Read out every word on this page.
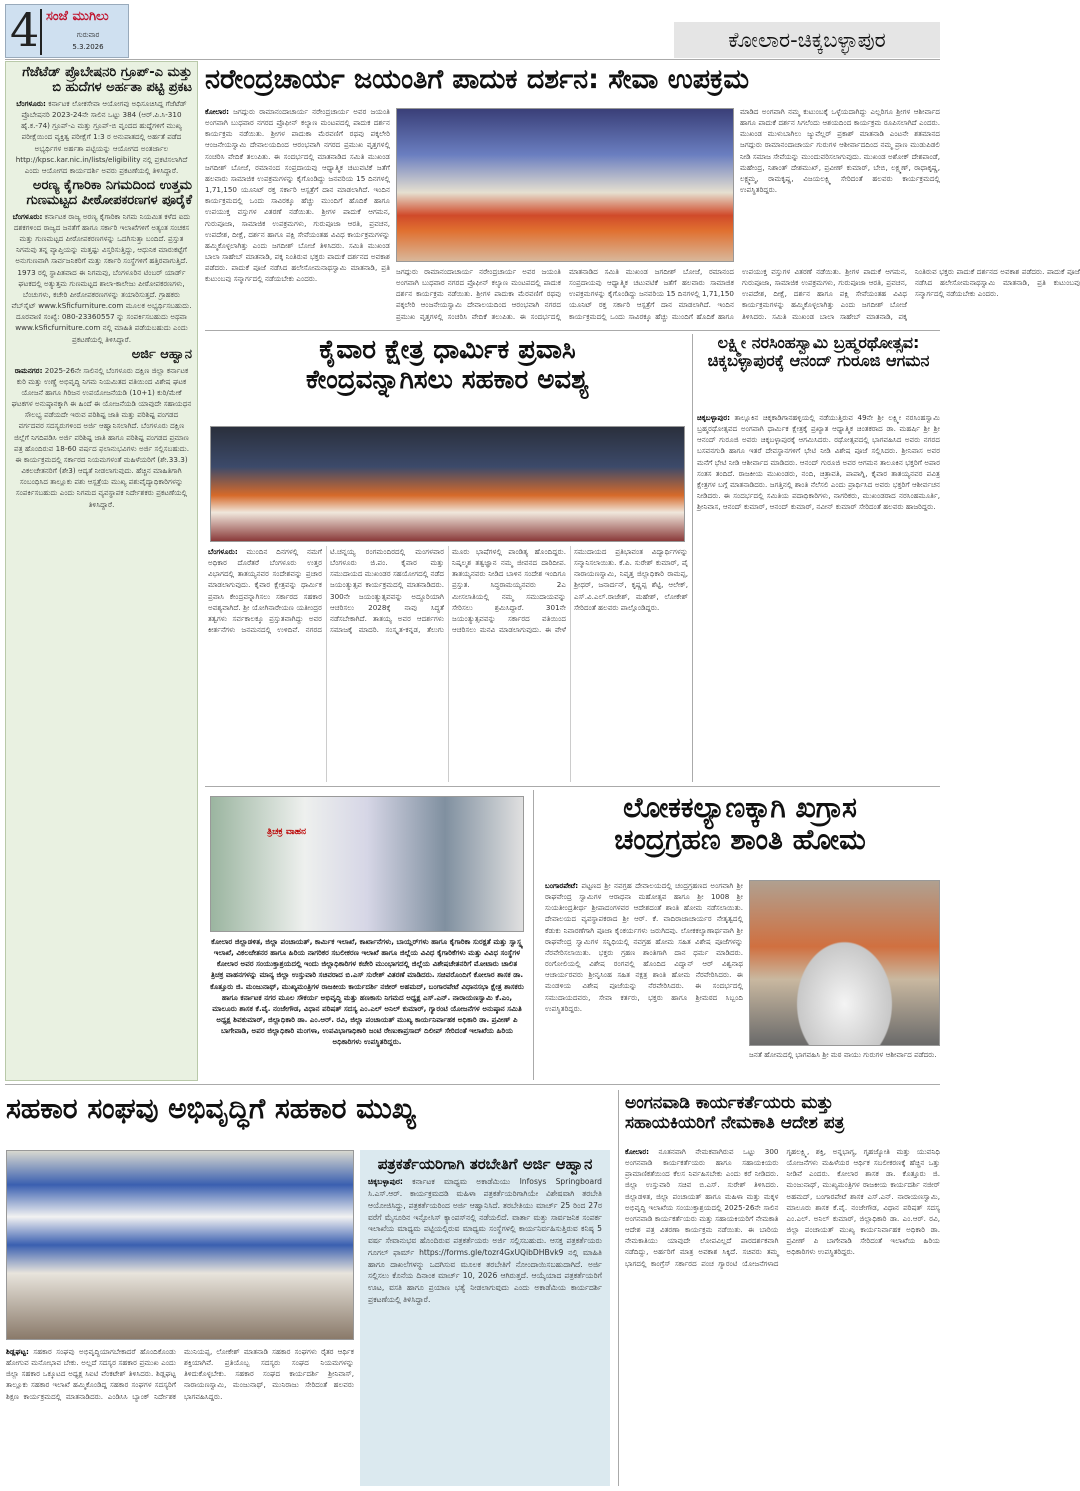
4 ಸಂಜೆ ಮುಗಿಲು
ಗುರುವಾರ
5.3.2026	ಕೋಲಾರ-ಚಿಕ್ಕಬಳ್ಳಾಪುರ
ಗೆಜೆಟೆಡ್ ಪ್ರೊಬೇಷನರಿ ಗ್ರೂಪ್-ಎ ಮತ್ತು ಬಿ ಹುದೆಗಳ ಅರ್ಹತಾ ಪಟ್ಟಿ ಪ್ರಕಟ
ಬೆಂಗಳೂರು: ಕರ್ನಾಟಕ ಲೋಕಸೇವಾ ಆಯೋಗವು ಅಧಿಸೂಚಿಸಿದ್ದ ಗೆಜೆಟೆಡ್ ಪ್ರೊಬೇಷನರಿ 2023-24ನೇ ಸಾಲಿನ ಒಟ್ಟು 384 (ಆರ್.ಪಿ.ಸಿ-310 ಹೈ.ಕ.-74) ಗ್ರೂಪ್-ಎ ಮತ್ತು ಗ್ರೂಪ್-ಬಿ ವೃಂದದ ಹುದ್ದೆಗಳಿಗೆ ಮುಖ್ಯ ಪರೀಕ್ಷೆಯಿಂದ ವ್ಯಕ್ತಿತ್ವ ಪರೀಕ್ಷೆಗೆ 1:3 ರ ಅನುಪಾತದಲ್ಲಿ ಅರ್ಹತೆ ಪಡೆದ ಅಭ್ಯರ್ಥಿಗಳ ಅರ್ಹತಾ ಪಟ್ಟಿಯನ್ನು ಆಯೋಗದ ಅಂತರ್ಜಾಲ http://kpsc.kar.nic.in/lists/eligibility ನಲ್ಲಿ ಪ್ರಕಟಿಸಲಾಗಿದೆ ಎಂದು ಆಯೋಗದ ಕಾರ್ಯದರ್ಶಿ ಅವರು ಪ್ರಕಟಣೆಯಲ್ಲಿ ತಿಳಿಸಿದ್ದಾರೆ.
ಅರಣ್ಯ ಕೈಗಾರಿಕಾ ನಿಗಮದಿಂದ ಉತ್ತಮ ಗುಣಮಟ್ಟದ ಪೀಠೋಪಕರಣಗಳ ಪೂರೈಕೆ
ಬೆಂಗಳೂರು: ಕರ್ನಾಟಕ ರಾಜ್ಯ ಅರಣ್ಯ ಕೈಗಾರಿಕಾ ನಿಗಮ ನಿಯಮಿತ ಕಳೆದ ಐದು ದಶಕಗಳಿಂದ ರಾಜ್ಯದ ಜನತೆಗೆ ಹಾಗೂ ಸರ್ಕಾರಿ ಇಲಾಖೆಗಳಿಗೆ ಅತ್ಯಂತ ಸಂಚಕಸ ಮತ್ತು ಗುಣಮಟ್ಟದ ಪೀಠೋಪಕರಣಗಳನ್ನು ಒದಗಿಸುತ್ತಾ ಬಂದಿದೆ. ಪ್ರಸ್ತುತ ನಿಗಮವು ತನ್ನ ವ್ಯಾಪ್ತಿಯನ್ನು ಮತ್ತಷ್ಟು ವಿಸ್ತರಿಸುತ್ತಿದ್ದು, ಆಧುನಿಕ ಮಾರುಕಟ್ಟೆಗೆ ಅನುಗುಣವಾಗಿ ಸಾರ್ವಜನಿಕರಿಗೆ ಮತ್ತು ಸರ್ಕಾರಿ ಸಂಸ್ಥೆಗಳಿಗೆ ಹತ್ತಿರವಾಗುತ್ತಿದೆ. 1973 ರಲ್ಲಿ ಸ್ಥಾಪಿತವಾದ ಈ ನಿಗಮವು, ಬೆಂಗಳೂರಿನ ಟಿಂಬರ್ ಯಾರ್ಡ್ ಘಟಕದಲ್ಲಿ ಅತ್ಯುತ್ತಮ ಗುಣಮಟ್ಟದ ಶಾಲಾ-ಕಾಲೇಜು ಪೀಠೋಪಕರಣಗಳು, ಬೆಂಚುಗಳು, ಕಚೇರಿ ಪೀಠೋಪಕರಣಗಳನ್ನು ತಯಾರಿಸುತ್ತದೆ. ಗ್ರಾಹಕರು ವೆಬ್‌ಸೈಟ್ www.kSficfurniture.com ಮೂಲಕ ಅಭ್ಯರ್ಥಿಸಬಹುದು. ದೂರವಾಣಿ ಸಂಖ್ಯೆ: 080-23360557 ನ್ನು ಸಂಪರ್ಕಿಸಬಹುದು ಅಥವಾ www.kSficfurniture.com ನಲ್ಲಿ ಮಾಹಿತಿ ಪಡೆಯಬಹುದು ಎಂದು ಪ್ರಕಟಣೆಯಲ್ಲಿ ತಿಳಿಸಿದ್ದಾರೆ.
ಅರ್ಜಿ ಆಹ್ವಾನ
ರಾಮನಗರ: 2025-26ನೇ ಸಾಲಿನಲ್ಲಿ ಬೆಂಗಳೂರು ದಕ್ಷಿಣ ಜಿಲ್ಲಾ ಕರ್ನಾಟಕ ಕುರಿ ಮತ್ತು ಉಣ್ಣೆ ಅಭಿವೃದ್ಧಿ ನಿಗಮ ನಿಯಮಿತದ ವತಿಯಿಂದ ವಿಶೇಷ ಘಟಕ ಯೋಜನೆ ಹಾಗೂ ಗಿರಿಜನ ಉಪಯೋಜನೆಯಡಿ (10+1) ಕುರಿ/ಮೇಕೆ ಘಟಕಗಳ ಅನುಷ್ಠಾನಕ್ಕಾಗಿ ಈ ಹಿಂದೆ ಈ ಯೋಜನೆಯಡಿ ಯಾವುದೇ ಸಹಾಯಧನ ಸೌಲಭ್ಯ ಪಡೆಯದೇ ಇರುವ ಪರಿಶಿಷ್ಟ ಜಾತಿ ಮತ್ತು ಪರಿಶಿಷ್ಟ ಪಂಗಡದ ವರ್ಗದವರ ಸದಸ್ಯರುಗಳಿಂದ ಅರ್ಜಿ ಆಹ್ವಾನಿಸಲಾಗಿದೆ. ಬೆಂಗಳೂರು ದಕ್ಷಿಣ ಜಿಲ್ಲೆಗೆ ನಿಗದಿಪಡಿಸಿ ಅರ್ಜಿ ಪರಿಶಿಷ್ಟ ಜಾತಿ ಹಾಗೂ ಪರಿಶಿಷ್ಟ ಪಂಗಡದ ಪ್ರಮಾಣ ಪತ್ರ ಹೊಂದಿರುವ 18-60 ವರ್ಷದ ಫಲಾನುಭವಿಗಳು ಅರ್ಜಿ ಸಲ್ಲಿಸಬಹುದು. ಈ ಕಾರ್ಯಕ್ರಮದಲ್ಲಿ ಸರ್ಕಾರದ ನಿಯಮಗಳಂತೆ ಮಹಿಳೆಯರಿಗೆ (ಶೇ.33.3) ವಿಕಲಚೇತನರಿಗೆ (ಶೇ3) ಆದ್ಯತೆ ನೀಡಲಾಗುವುದು. ಹೆಚ್ಚಿನ ಮಾಹಿತಿಗಾಗಿ ಸಂಬಂಧಿಸಿದ ತಾಲ್ಲೂಕು ಪಶು ಆಸ್ಪತ್ರೆಯ ಮುಖ್ಯ ಪಶುವೈದ್ಯಾಧಿಕಾರಿಗಳನ್ನು ಸಂಪರ್ಕಿಸಬಹುದು ಎಂದು ನಿಗಮದ ವ್ಯವಸ್ಥಾಪಕ ನಿರ್ದೇಶಕರು ಪ್ರಕಟಣೆಯಲ್ಲಿ ತಿಳಿಸಿದ್ದಾರೆ.
ನರೇಂದ್ರಚಾರ್ಯ ಜಯಂತಿಗೆ ಪಾದುಕ ದರ್ಶನ: ಸೇವಾ ಉಪಕ್ರಮ
ಕೋಲಾರ: ಜಗದ್ಗುರು ರಾಮಾನಂದಾಚಾರ್ಯ ನರೇಂದ್ರಚಾರ್ಯ ಅವರ ಜಯಂತಿ ಅಂಗವಾಗಿ ಬುಧವಾರ ನಗರದ ಪ್ರೊಫೀನ್ ಕಲ್ಯಾಣ ಮಂಟಪದಲ್ಲಿ ಪಾದುಕ ದರ್ಶನ ಕಾರ್ಯಕ್ರಮ ನಡೆಯಿತು. ಶ್ರೀಗಳ ಪಾದುಕಾ ಮೆರವಣಿಗೆ ರಥವು ಪಕ್ಕಲೇರಿ ಆಂಜನೇಯಸ್ವಾಮಿ ದೇವಾಲಯದಿಂದ ಆರಂಭವಾಗಿ ನಗರದ ಪ್ರಮುಖ ವೃತ್ತಗಳಲ್ಲಿ ಸಂಚರಿಸಿ ವೇದಿಕೆ ತಲುಪಿತು. ಈ ಸಂದರ್ಭದಲ್ಲಿ ಮಾತನಾಡಿದ ಸಮಿತಿ ಮುಖಂಡ ಜಗದೀಶ್ ಬೋಜೆ, ರಮಾನಂದ ಸಂಪ್ರದಾಯವು ಆಧ್ಯಾತ್ಮಿಕ ಚಟುವಟಿಕೆ ಜತೆಗೆ ಹಲವಾರು ಸಾಮಾಜಿಕ ಉಪಕ್ರಮಗಳನ್ನು ಕೈಗೊಂಡಿದ್ದು ಜನವರಿಯ 15 ದಿನಗಳಲ್ಲಿ 1,71,150 ಯೂನಿಟ್ ರಕ್ತ ಸರ್ಕಾರಿ ಆಸ್ಪತ್ರೆಗೆ ದಾನ ಮಾಡಲಾಗಿದೆ. ಇಂದಿನ ಕಾರ್ಯಕ್ರಮದಲ್ಲಿ ಒಂದು ಸಾವಿರಕ್ಕೂ ಹೆಚ್ಚು ಮುಂದಿಗೆ ಹೊದಿಕೆ ಹಾಗೂ ಉಪಯುಕ್ತ ವಸ್ತುಗಳ ವಿತರಣೆ ನಡೆಯಿತು. ಶ್ರೀಗಳ ಪಾದುಕೆ ಆಗಮನ, ಗುರುಪೂಜಾ, ಸಾಮಾಜಿಕ ಉಪಕ್ರಮಗಳು, ಗುರುಪೂಜಾ ಆರತಿ, ಪ್ರವಚನ, ಉಪದೇಶ, ದೀಕ್ಷೆ, ದರ್ಶನ ಹಾಗೂ ಪಕ್ಷಿ ಸೇವೆಯಂತಹ ವಿವಿಧ ಕಾರ್ಯಕ್ರಮಗಳನ್ನು ಹಮ್ಮಿಕೊಳ್ಳಲಾಗಿತ್ತು ಎಂದು ಜಗದೀಶ್ ಬೋಜೆ ತಿಳಿಸಿದರು. ಸಮಿತಿ ಮುಖಂಡ ಬಾಲಾ ಸಾಹೇಬ್ ಮಾತನಾಡಿ, ಪಕ್ಕ ನಿಂತಿರುವ ಭಕ್ತರು ಪಾದುಕೆ ದರ್ಶನದ ಅವಕಾಶ ಪಡೆದರು. ಪಾದುಕೆ ಪೂಜೆ ನಡೆಸಿದ ಹಲೇಸೋಮನಾಥಸ್ವಾಮಿ ಮಾತನಾಡಿ, ಪ್ರತಿ ಕುಟುಂಬವು ಸನ್ಮಾರ್ಗದಲ್ಲಿ ನಡೆಯಬೇಕು ಎಂದರು.
ಜಗದ್ಗುರು ರಾಮಾನಂದಾಚಾರ್ಯ ನರೇಂದ್ರಚಾರ್ಯ ಅವರ ಜಯಂತಿ ಅಂಗವಾಗಿ ಬುಧವಾರ ನಗರದ ಪ್ರೊಫೀನ್ ಕಲ್ಯಾಣ ಮಂಟಪದಲ್ಲಿ ಪಾದುಕ ದರ್ಶನ ಕಾರ್ಯಕ್ರಮ ನಡೆಯಿತು. ಶ್ರೀಗಳ ಪಾದುಕಾ ಮೆರವಣಿಗೆ ರಥವು ಪಕ್ಕಲೇರಿ ಆಂಜನೇಯಸ್ವಾಮಿ ದೇವಾಲಯದಿಂದ ಆರಂಭವಾಗಿ ನಗರದ ಪ್ರಮುಖ ವೃತ್ತಗಳಲ್ಲಿ ಸಂಚರಿಸಿ ವೇದಿಕೆ ತಲುಪಿತು. ಈ ಸಂದರ್ಭದಲ್ಲಿ ಮಾತನಾಡಿದ ಸಮಿತಿ ಮುಖಂಡ ಜಗದೀಶ್ ಬೋಜೆ, ರಮಾನಂದ ಸಂಪ್ರದಾಯವು ಆಧ್ಯಾತ್ಮಿಕ ಚಟುವಟಿಕೆ ಜತೆಗೆ ಹಲವಾರು ಸಾಮಾಜಿಕ ಉಪಕ್ರಮಗಳನ್ನು ಕೈಗೊಂಡಿದ್ದು ಜನವರಿಯ 15 ದಿನಗಳಲ್ಲಿ 1,71,150 ಯೂನಿಟ್ ರಕ್ತ ಸರ್ಕಾರಿ ಆಸ್ಪತ್ರೆಗೆ ದಾನ ಮಾಡಲಾಗಿದೆ. ಇಂದಿನ ಕಾರ್ಯಕ್ರಮದಲ್ಲಿ ಒಂದು ಸಾವಿರಕ್ಕೂ ಹೆಚ್ಚು ಮುಂದಿಗೆ ಹೊದಿಕೆ ಹಾಗೂ ಉಪಯುಕ್ತ ವಸ್ತುಗಳ ವಿತರಣೆ ನಡೆಯಿತು. ಶ್ರೀಗಳ ಪಾದುಕೆ ಆಗಮನ, ಗುರುಪೂಜಾ, ಸಾಮಾಜಿಕ ಉಪಕ್ರಮಗಳು, ಗುರುಪೂಜಾ ಆರತಿ, ಪ್ರವಚನ, ಉಪದೇಶ, ದೀಕ್ಷೆ, ದರ್ಶನ ಹಾಗೂ ಪಕ್ಷಿ ಸೇವೆಯಂತಹ ವಿವಿಧ ಕಾರ್ಯಕ್ರಮಗಳನ್ನು ಹಮ್ಮಿಕೊಳ್ಳಲಾಗಿತ್ತು ಎಂದು ಜಗದೀಶ್ ಬೋಜೆ ತಿಳಿಸಿದರು. ಸಮಿತಿ ಮುಖಂಡ ಬಾಲಾ ಸಾಹೇಬ್ ಮಾತನಾಡಿ, ಪಕ್ಕ ನಿಂತಿರುವ ಭಕ್ತರು ಪಾದುಕೆ ದರ್ಶನದ ಅವಕಾಶ ಪಡೆದರು. ಪಾದುಕೆ ಪೂಜೆ ನಡೆಸಿದ ಹಲೇಸೋಮನಾಥಸ್ವಾಮಿ ಮಾತನಾಡಿ, ಪ್ರತಿ ಕುಟುಂಬವು ಸನ್ಮಾರ್ಗದಲ್ಲಿ ನಡೆಯಬೇಕು ಎಂದರು.
ಮಾಡಿದ ಅಂಗವಾಗಿ ನಮ್ಮ ಕುಟುಂಬಕ್ಕೆ ಒಳ್ಳೆಯದಾಗಿದ್ದು ಎಲ್ಲರಿಗೂ ಶ್ರೀಗಳ ಆಶೀರ್ವಾದ ಹಾಗೂ ಪಾದುಕೆ ದರ್ಶನ ಸಿಗಲೆಂದು ಆಶಯದಿಂದ ಕಾರ್ಯಕ್ರಮ ರೂಪಿಸಲಾಗಿದೆ ಎಂದರು. ಮುಖಂಡ ಮುಳುಬಾಗಿಲು ಜ್ಯುವೆಲ್ಲರ್ ಪ್ರಕಾಶ್ ಮಾತನಾಡಿ ಎಂಟನೇ ಶತಮಾನದ ಜಗದ್ಗುರು ರಾಮಾನಂದಾಚಾರ್ಯ ಗುರುಗಳ ಆಶೀರ್ವಾದದಿಂದ ನಮ್ಮ ಪ್ರಾಣ ಮುಡುಪಿಡಲಿ ನೀಡಿ ಸಮಾಜ ಸೇವೆಯನ್ನು ಮುಂದುವರಿಸಲಾಗುವುದು. ಮುಖಂಡ ಅಶೋಕ್ ದೇಶಪಾಂಡೆ, ಮಹೇಂದ್ರ, ನಿಶಾಂತ್ ದೇಶಮುಖ್, ಪ್ರವೀಣ್ ಕುಮಾರ್, ಬೇಬಿ, ಲಕ್ಷ್ಮಣ್, ರಾಧಾಕೃಷ್ಣ, ಲಕ್ಷ್ಮಮ್ಮ, ರಾಮಕೃಷ್ಣ, ವಿಜಯಲಕ್ಷ್ಮಿ ಸೇರಿದಂತೆ ಹಲವರು ಕಾರ್ಯಕ್ರಮದಲ್ಲಿ ಉಪಸ್ಥಿತರಿದ್ದರು.
ಕೈವಾರ ಕ್ಷೇತ್ರ ಧಾರ್ಮಿಕ ಪ್ರವಾಸಿ
ಕೇಂದ್ರವನ್ನಾಗಿಸಲು ಸಹಕಾರ ಅವಶ್ಯ
ಬೆಂಗಳೂರು: ಮುಂದಿನ ದಿನಗಳಲ್ಲಿ ನಮಗೆ ಅಧಿಕಾರ ದೊರೆತರೆ ಬೆಂಗಳೂರು ಉತ್ತರ ವಿಭಾಗದಲ್ಲಿ ತಾತಯ್ಯನವರ ಸಂದೇಶವನ್ನು ಪ್ರಚಾರ ಮಾಡಲಾಗುವುದು. ಕೈವಾರ ಕ್ಷೇತ್ರವನ್ನು ಧಾರ್ಮಿಕ ಪ್ರವಾಸಿ ಕೇಂದ್ರವನ್ನಾಗಿಸಲು ಸರ್ಕಾರದ ಸಹಕಾರ ಅವಶ್ಯವಾಗಿದೆ. ಶ್ರೀ ಯೋಗಿನಾರೇಯಣ ಯತೀಂದ್ರರ ತತ್ವಗಳು ಸರ್ವಕಾಲಕ್ಕೂ ಪ್ರಸ್ತುತವಾಗಿದ್ದು ಅವರ ಕೀರ್ತನೆಗಳು ಜನಮನದಲ್ಲಿ ಉಳಿದಿವೆ. ನಗರದ ಟಿ.ಚನ್ನಯ್ಯ ರಂಗಮಂದಿರದಲ್ಲಿ ಮಂಗಳವಾರ ಬೆಂಗಳೂರು ಜಿ.ಪಂ. ಕೈವಾರ ಮತ್ತು ಸಮುದಾಯದ ಮುಖಂಡರ ಸಹಯೋಗದಲ್ಲಿ ನಡೆದ ಜಯಂತ್ಯುತ್ಸವ ಕಾರ್ಯಕ್ರಮದಲ್ಲಿ ಮಾತನಾಡಿದರು. 300ನೇ ಜಯಂತ್ಯುತ್ಸವವನ್ನು ಅದ್ದೂರಿಯಾಗಿ ಆಚರಿಸಲು 2028ಕ್ಕೆ ನಾವು ಸಿದ್ಧತೆ ನಡೆಸಬೇಕಾಗಿದೆ. ತಾತಯ್ಯ ಅವರ ಆದರ್ಶಗಳು ಸಮಾಜಕ್ಕೆ ಮಾದರಿ. ಸಂಸ್ಕೃತ-ಕನ್ನಡ, ತೆಲುಗು ಮೂರು ಭಾಷೆಗಳಲ್ಲಿ ಪಾಂಡಿತ್ಯ ಹೊಂದಿದ್ದರು. ನಿಷ್ಕಲ್ಮಶ ತತ್ವಜ್ಞಾನ ನಮ್ಮ ಜೀವನದ ದಾರಿದೀಪ. ತಾತಯ್ಯನವರು ನೀಡಿದ ಬಾಳಿನ ಸಂದೇಶ ಇಂದಿಗೂ ಪ್ರಸ್ತುತ. ಸಿದ್ಧರಾಮಯ್ಯನವರು 2ಎ ಮೀಸಲಾತಿಯಲ್ಲಿ ನಮ್ಮ ಸಮುದಾಯವನ್ನು ಸೇರಿಸಲು ಶ್ರಮಿಸಿದ್ದಾರೆ. 301ನೇ ಜಯಂತ್ಯುತ್ಸವವನ್ನು ಸರ್ಕಾರದ ವತಿಯಿಂದ ಆಚರಿಸಲು ಮನವಿ ಮಾಡಲಾಗುವುದು. ಈ ವೇಳೆ ಸಮುದಾಯದ ಪ್ರತಿಭಾವಂತ ವಿದ್ಯಾರ್ಥಿಗಳನ್ನು ಸನ್ಮಾನಿಸಲಾಯಿತು. ಕೆ.ಪಿ. ಸುರೇಶ್ ಕುಮಾರ್, ಪೈ ನಾರಾಯಣಸ್ವಾಮಿ, ನಿವೃತ್ತ ಜಿಲ್ಲಾಧಿಕಾರಿ ರಾಮಪ್ಪ, ಶ್ರೀಧರ್, ಜನಾರ್ದನ್, ಕೃಷ್ಣಪ್ಪ ಶೆಟ್ಟಿ, ಆಲೇಕ್, ಎಸ್.ವಿ.ಎಲ್.ರಾಜೇಶ್, ಮಹೇಶ್, ಲೋಕೇಶ್ ಸೇರಿದಂತೆ ಹಲವರು ಪಾಲ್ಗೊಂಡಿದ್ದರು.
ಲಕ್ಷ್ಮೀ ನರಸಿಂಹಸ್ವಾಮಿ ಬ್ರಹ್ಮರಥೋತ್ಸವ: ಚಿಕ್ಕಬಳ್ಳಾಪುರಕ್ಕೆ ಆನಂದ್ ಗುರೂಜಿ ಆಗಮನ
ಚಿಕ್ಕಬಳ್ಳಾಪುರ: ತಾಲ್ಲೂಕಿನ ಚಿಕ್ಕಕಾಡಿಗಾನಹಳ್ಳಿಯಲ್ಲಿ ನಡೆಯುತ್ತಿರುವ 49ನೇ ಶ್ರೀ ಲಕ್ಷ್ಮೀ ನರಸಿಂಹಸ್ವಾಮಿ ಬ್ರಹ್ಮರಥೋತ್ಸವದ ಅಂಗವಾಗಿ ಧಾರ್ಮಿಕ ಕ್ಷೇತ್ರಕ್ಕೆ ಪ್ರಖ್ಯಾತ ಆಧ್ಯಾತ್ಮಿಕ ಚಿಂತಕರಾದ ಡಾ. ಮಹರ್ಷಿ ಶ್ರೀ ಶ್ರೀ ಆನಂದ್ ಗುರೂಜಿ ಅವರು ಚಿಕ್ಕಬಳ್ಳಾಪುರಕ್ಕೆ ಆಗಮಿಸಿದರು. ರಥೋತ್ಸವದಲ್ಲಿ ಭಾಗವಹಿಸಿದ ಅವರು ನಗರದ ಬಸವನಗುಡಿ ಹಾಗೂ ಇತರೆ ದೇವಸ್ಥಾನಗಳಿಗೆ ಭೇಟಿ ನೀಡಿ ವಿಶೇಷ ಪೂಜೆ ಸಲ್ಲಿಸಿದರು. ಶ್ರೀನಿವಾಸ ಅವರ ಮನೆಗೆ ಭೇಟಿ ನೀಡಿ ಆಶೀರ್ವಾದ ಮಾಡಿದರು. ಆನಂದ್ ಗುರೂಜಿ ಅವರ ಆಗಮನ ತಾಲೂಕಿನ ಭಕ್ತರಿಗೆ ಅಪಾರ ಸಂತಸ ತಂದಿದೆ. ರಾಜಕೀಯ ಮುಖಂಡರು, ನಂದಿ, ಚಿತ್ರಾವತಿ, ಪಾಪಾಗ್ನಿ, ಕೈವಾರ ತಾತಯ್ಯನವರ ಪವಿತ್ರ ಕ್ಷೇತ್ರಗಳ ಬಗ್ಗೆ ಮಾತನಾಡಿದರು. ಜಗತ್ತಿನಲ್ಲಿ ಶಾಂತಿ ನೆಲೆಸಲಿ ಎಂದು ಪ್ರಾರ್ಥಿಸಿದ ಅವರು ಭಕ್ತರಿಗೆ ಆಶೀರ್ವಚನ ನೀಡಿದರು. ಈ ಸಂದರ್ಭದಲ್ಲಿ ಸಮಿತಿಯ ಪದಾಧಿಕಾರಿಗಳು, ನಾಗರಿಕರು, ಮುಖಂಡರಾದ ನರಸಿಂಹಮೂರ್ತಿ, ಶ್ರೀನಿವಾಸ, ಆನಂದ್ ಕುಮಾರ್, ಆನಂದ್ ಕುಮಾರ್, ನವೀನ್ ಕುಮಾರ್ ಸೇರಿದಂತೆ ಹಲವರು ಹಾಜರಿದ್ದರು.
ತ್ರಿಚಕ್ರ ವಾಹನ
ಕೋಲಾರ ಜಿಲ್ಲಾಡಳಿತ, ಜಿಲ್ಲಾ ಪಂಚಾಯತ್, ಕಾರ್ಮಿಕ ಇಲಾಖೆ, ಕಾರ್ಖಾನೆಗಳು, ಬಾಯ್ಲರ್‌ಗಳು ಹಾಗೂ ಕೈಗಾರಿಕಾ ಸುರಕ್ಷತೆ ಮತ್ತು ಸ್ವಾಸ್ಥ್ಯ ಇಲಾಖೆ, ವಿಕಲಚೇತನರ ಹಾಗೂ ಹಿರಿಯ ನಾಗರಿಕರ ಸಬಲೀಕರಣ ಇಲಾಖೆ ಹಾಗೂ ಜಿಲ್ಲೆಯ ವಿವಿಧ ಕೈಗಾರಿಕೆಗಳು ಮತ್ತು ವಿವಿಧ ಸಂಸ್ಥೆಗಳ ಕೋಲಾರ ಅವರ ಸಂಯುಕ್ತಾಶ್ರಯದಲ್ಲಿ ಇಂದು ಜಿಲ್ಲಾಧಿಕಾರಿಗಳ ಕಚೇರಿ ಮುಂಭಾಗದಲ್ಲಿ ಜಿಲ್ಲೆಯ ವಿಶೇಷಚೇತನರಿಗೆ ಮೋಟಾರು ಚಾಲಿತ ತ್ರಿಚಕ್ರ ವಾಹನಗಳನ್ನು ಮಾನ್ಯ ಜಿಲ್ಲಾ ಉಸ್ತುವಾರಿ ಸಚಿವರಾದ ಬಿ.ಎಸ್ ಸುರೇಶ್ ವಿತರಣೆ ಮಾಡಿದರು. ಸಚಿವರೊಂದಿಗೆ ಕೋಲಾರ ಶಾಸಕ ಡಾ. ಕೊತ್ತೂರು ಜಿ. ಮಂಜುನಾಥ್, ಮುಖ್ಯಮಂತ್ರಿಗಳ ರಾಜಕೀಯ ಕಾರ್ಯದರ್ಶಿ ನಜೀರ್ ಅಹಮದ್, ಬಂಗಾರಪೇಟೆ ವಿಧಾನಸಭಾ ಕ್ಷೇತ್ರ ಶಾಸಕರು ಹಾಗೂ ಕರ್ನಾಟಕ ನಗರ ಮೂಲ ಸೌಕರ್ಯ ಅಭಿವೃದ್ಧಿ ಮತ್ತು ಹಣಕಾಸು ನಿಗಮದ ಅಧ್ಯಕ್ಷ ಎಸ್.ಎನ್. ನಾರಾಯಣಸ್ವಾಮಿ ಕೆ.ಎಂ, ಮಾಲೂರು ಶಾಸಕ ಕೆ.ವೈ. ನಂಜೇಗೌಡ, ವಿಧಾನ ಪರಿಷತ್ ಸದಸ್ಯ ಎಂ.ಎಲ್ ಅನಿಲ್ ಕುಮಾರ್, ಗ್ಯಾರಂಟಿ ಯೋಜನೆಗಳ ಅನುಷ್ಠಾನ ಸಮಿತಿ ಅಧ್ಯಕ್ಷ ಶಿವಕುಮಾರ್, ಜಿಲ್ಲಾಧಿಕಾರಿ ಡಾ. ಎಂ.ಆರ್. ರವಿ, ಜಿಲ್ಲಾ ಪಂಚಾಯತ್ ಮುಖ್ಯ ಕಾರ್ಯನಿರ್ವಾಹಕ ಅಧಿಕಾರಿ ಡಾ. ಪ್ರವೀಣ್ ಪಿ ಬಾಗೇವಾಡಿ, ಅಪರ ಜಿಲ್ಲಾಧಿಕಾರಿ ಮಂಗಳಾ, ಉಪವಿಭಾಗಾಧಿಕಾರಿ ಜಂಟಿ ರೇಣುಕಾಪ್ರಸಾದ್ ದಿಲೀಪ್ ಸೇರಿದಂತೆ ಇಲಾಖೆಯ ಹಿರಿಯ ಅಧಿಕಾರಿಗಳು ಉಪಸ್ಥಿತರಿದ್ದರು.
ಲೋಕಕಲ್ಯಾಣಕ್ಕಾಗಿ ಖಗ್ರಾಸ
ಚಂದ್ರಗ್ರಹಣ ಶಾಂತಿ ಹೋಮ
ಬಂಗಾರಪೇಟೆ: ಪಟ್ಟಣದ ಶ್ರೀ ನವಗ್ರಹ ದೇವಾಲಯದಲ್ಲಿ ಚಂದ್ರಗ್ರಹಣದ ಅಂಗವಾಗಿ ಶ್ರೀ ರಾಘವೇಂದ್ರ ಸ್ವಾಮಿಗಳ ಆರಾಧನಾ ಮಹೋತ್ಸವ ಹಾಗೂ ಶ್ರೀ 1008 ಶ್ರೀ ಸುಯತೀಂದ್ರತೀರ್ಥ ಶ್ರೀಪಾದಂಗಳವರ ಆದೇಶದಂತೆ ಶಾಂತಿ ಹೋಮ ನಡೆಸಲಾಯಿತು. ದೇವಾಲಯದ ವ್ಯವಸ್ಥಾಪಕರಾದ ಶ್ರೀ ಆರ್. ಕೆ. ವಾದಿರಾಜಾಚಾರ್ಯರ ನೇತೃತ್ವದಲ್ಲಿ ಕೆಡುಕು ನಿವಾರಣೆಗಾಗಿ ಪೂಜಾ ಕೈಂಕರ್ಯಗಳು ಜರುಗಿದವು. ಲೋಕಕಲ್ಯಾಣಾರ್ಥವಾಗಿ ಶ್ರೀ ರಾಘವೇಂದ್ರ ಸ್ವಾಮಿಗಳ ಸನ್ನಿಧಿಯಲ್ಲಿ ನವಗ್ರಹ ಹೋಮ ಸಹಿತ ವಿಶೇಷ ಪೂಜೆಗಳನ್ನು ನೆರವೇರಿಸಲಾಯಿತು. ಭಕ್ತರು ಗ್ರಹಣ ಶಾಂತಿಗಾಗಿ ದಾನ ಧರ್ಮ ಮಾಡಿದರು. ರಂಗೋಲಿಯಲ್ಲಿ ವಿಶೇಷ ರಂಗವಲ್ಲಿ ಹೊಂದಿದ ವಿದ್ವಾನ್ ಆರ್ ವಿಶ್ವನಾಥ ಆಚಾರ್ಯರವರು ಶ್ರೀನೃಸಿಂಹ ಸಹಿತ ನಕ್ಷತ್ರ ಶಾಂತಿ ಹೋಮ ನೆರವೇರಿಸಿದರು. ಈ ಮಂಡಳಿಯ ವಿಶೇಷ ಪೂಜೆಯನ್ನು ನೆರವೇರಿಸಿದರು. ಈ ಸಂದರ್ಭದಲ್ಲಿ ಸಮುದಾಯದವರು, ಸೇವಾ ಕರ್ತರು, ಭಕ್ತರು ಹಾಗೂ ಶ್ರೀಮಠದ ಸಿಬ್ಬಂದಿ ಉಪಸ್ಥಿತರಿದ್ದರು.
ಜನತೆ ಹೋಮದಲ್ಲಿ ಭಾಗವಹಿಸಿ ಶ್ರೀ ಮಠ ವಾಯು ಗುರುಗಳ ಆಶೀರ್ವಾದ ಪಡೆದರು.
ಸಹಕಾರ ಸಂಘವು ಅಭಿವೃದ್ಧಿಗೆ ಸಹಕಾರ ಮುಖ್ಯ
ಶಿಡ್ಲಘಟ್ಟ: ಸಹಕಾರ ಸಂಘವು ಅಭಿವೃದ್ಧಿಯಾಗಬೇಕಾದರೆ ಹೊಂದಿಕೊಂಡು ಹೋಗುವ ಮನೋಭಾವ ಬೇಕು. ಅಲ್ಲದೆ ಸದಸ್ಯರ ಸಹಕಾರ ಪ್ರಮುಖ ಎಂದು ಜಿಲ್ಲಾ ಸಹಕಾರ ಒಕ್ಕೂಟದ ಅಧ್ಯಕ್ಷ ಸಿಐಟಿ ವೆಂಕಟೇಶ್ ತಿಳಿಸಿದರು. ಶಿಡ್ಲಘಟ್ಟ ತಾಲ್ಲೂಕು ಸಹಕಾರ ಇಲಾಖೆ ಹಮ್ಮಿಕೊಂಡಿದ್ದ ಸಹಕಾರ ಸಂಘಗಳ ಸದಸ್ಯರಿಗೆ ಶಿಕ್ಷಣ ಕಾರ್ಯಕ್ರಮದಲ್ಲಿ ಮಾತನಾಡಿದರು. ಎಂಡಿಸಿಸಿ ಬ್ಯಾಂಕ್ ನಿರ್ದೇಶಕ ಮುನಿಯಪ್ಪ, ಲೋಕೇಶ್ ಮಾತನಾಡಿ ಸಹಕಾರ ಸಂಘಗಳು ರೈತರ ಆರ್ಥಿಕ ಶಕ್ತಿಯಾಗಿವೆ. ಪ್ರತಿಯೊಬ್ಬ ಸದಸ್ಯರು ಸಂಘದ ನಿಯಮಗಳನ್ನು ತಿಳಿದುಕೊಳ್ಳಬೇಕು. ಸಹಕಾರ ಸಂಘದ ಕಾರ್ಯದರ್ಶಿ ಶ್ರೀನಿವಾಸ್, ನಾರಾಯಣಸ್ವಾಮಿ, ಮಂಜುನಾಥ್, ಮುನಿರಾಜು ಸೇರಿದಂತೆ ಹಲವರು ಭಾಗವಹಿಸಿದ್ದರು.
ಪತ್ರಕರ್ತೆಯರಿಗಾಗಿ ತರಬೇತಿಗೆ ಅರ್ಜಿ ಆಹ್ವಾನ
ಚಿಕ್ಕಬಳ್ಳಾಪುರ: ಕರ್ನಾಟಕ ಮಾಧ್ಯಮ ಅಕಾಡೆಮಿಯು Infosys Springboard ಸಿ.ಎಸ್.ಆರ್. ಕಾರ್ಯಕ್ರಮದಡಿ ಮಹಿಳಾ ಪತ್ರಕರ್ತೆಯರಿಗಾಗಿಯೇ ವಿಶೇಷವಾಗಿ ತರಬೇತಿ ಆಯೋಜಿಸಿದ್ದು, ಪತ್ರಕರ್ತೆಯರಿಂದ ಅರ್ಜಿ ಆಹ್ವಾನಿಸಿದೆ. ತರಬೇತಿಯು ಮಾರ್ಚ್ 25 ರಿಂದ 27ರ ವರೆಗೆ ಮೈಸೂರಿನ ಇನ್ಫೋಸಿಸ್ ಕ್ಯಾಂಪಸ್‌ನಲ್ಲಿ ನಡೆಯಲಿದೆ. ವಾರ್ತಾ ಮತ್ತು ಸಾರ್ವಜನಿಕ ಸಂಪರ್ಕ ಇಲಾಖೆಯ ಮಾಧ್ಯಮ ಪಟ್ಟಿಯಲ್ಲಿರುವ ಮಾಧ್ಯಮ ಸಂಸ್ಥೆಗಳಲ್ಲಿ ಕಾರ್ಯನಿರ್ವಹಿಸುತ್ತಿರುವ ಕನಿಷ್ಠ 5 ವರ್ಷ ಸೇವಾನುಭವ ಹೊಂದಿರುವ ಪತ್ರಕರ್ತೆಯರು ಅರ್ಜಿ ಸಲ್ಲಿಸಬಹುದು. ಆಸಕ್ತ ಪತ್ರಕರ್ತೆಯರು ಗೂಗಲ್ ಫಾರ್ಮ್ https://forms.gle/tozr4GxUQibDHBvk9 ನಲ್ಲಿ ಮಾಹಿತಿ ಹಾಗೂ ದಾಖಲೆಗಳನ್ನು ಒದಗಿಸುವ ಮೂಲಕ ತರಬೇತಿಗೆ ನೋಂದಾಯಿಸಬಹುದಾಗಿದೆ. ಅರ್ಜಿ ಸಲ್ಲಿಸಲು ಕೊನೆಯ ದಿನಾಂಕ ಮಾರ್ಚ್ 10, 2026 ಆಗಿರುತ್ತದೆ. ಆಯ್ಕೆಯಾದ ಪತ್ರಕರ್ತೆಯರಿಗೆ ಊಟ, ವಸತಿ ಹಾಗೂ ಪ್ರಯಾಣ ಭತ್ಯೆ ನೀಡಲಾಗುವುದು ಎಂದು ಅಕಾಡೆಮಿಯ ಕಾರ್ಯದರ್ಶಿ ಪ್ರಕಟಣೆಯಲ್ಲಿ ತಿಳಿಸಿದ್ದಾರೆ.
ಅಂಗನವಾಡಿ ಕಾರ್ಯಕರ್ತೆಯರು ಮತ್ತು
ಸಹಾಯಕಿಯರಿಗೆ ನೇಮಕಾತಿ ಆದೇಶ ಪತ್ರ
ಕೋಲಾರ: ನೂತನವಾಗಿ ನೇಮಕವಾಗಿರುವ ಒಟ್ಟು 300 ಅಂಗನವಾಡಿ ಕಾರ್ಯಕರ್ತೆಯರು ಹಾಗೂ ಸಹಾಯಕಿಯರು ಪ್ರಾಮಾಣಿಕತೆಯಿಂದ ಕೆಲಸ ನಿರ್ವಹಿಸಬೇಕು ಎಂದು ಕರೆ ನೀಡಿದರು. ಜಿಲ್ಲಾ ಉಸ್ತುವಾರಿ ಸಚಿವ ಬಿ.ಎಸ್. ಸುರೇಶ್ ತಿಳಿಸಿದರು. ಜಿಲ್ಲಾಡಳಿತ, ಜಿಲ್ಲಾ ಪಂಚಾಯತ್ ಹಾಗೂ ಮಹಿಳಾ ಮತ್ತು ಮಕ್ಕಳ ಅಭಿವೃದ್ಧಿ ಇಲಾಖೆಯ ಸಂಯುಕ್ತಾಶ್ರಯದಲ್ಲಿ 2025-26ನೇ ಸಾಲಿನ ಅಂಗನವಾಡಿ ಕಾರ್ಯಕರ್ತೆಯರು ಮತ್ತು ಸಹಾಯಕಿಯರಿಗೆ ನೇಮಕಾತಿ ಆದೇಶ ಪತ್ರ ವಿತರಣಾ ಕಾರ್ಯಕ್ರಮ ನಡೆಯಿತು. ಈ ಬಾರಿಯ ನೇಮಕಾತಿಯು ಯಾವುದೇ ಲೋಪವಿಲ್ಲದೆ ಪಾರದರ್ಶಕವಾಗಿ ನಡೆದಿದ್ದು, ಅರ್ಹರಿಗೆ ಮಾತ್ರ ಅವಕಾಶ ಸಿಕ್ಕಿದೆ. ಸಚಿವರು ತಮ್ಮ ಭಾಗದಲ್ಲಿ ಕಾಂಗ್ರೆಸ್ ಸರ್ಕಾರದ ಪಂಚ ಗ್ಯಾರಂಟಿ ಯೋಜನೆಗಳಾದ ಗೃಹಲಕ್ಷ್ಮಿ, ಶಕ್ತಿ, ಅನ್ನಭಾಗ್ಯ, ಗೃಹಜ್ಯೋತಿ ಮತ್ತು ಯುವನಿಧಿ ಯೋಜನೆಗಳು ಮಹಿಳೆಯರ ಆರ್ಥಿಕ ಸಬಲೀಕರಣಕ್ಕೆ ಹೆಚ್ಚಿನ ಒತ್ತು ನೀಡಿವೆ ಎಂದರು. ಕೋಲಾರ ಶಾಸಕ ಡಾ. ಕೊತ್ತೂರು ಜಿ. ಮಂಜುನಾಥ್, ಮುಖ್ಯಮಂತ್ರಿಗಳ ರಾಜಕೀಯ ಕಾರ್ಯದರ್ಶಿ ನಜೀರ್ ಅಹಮದ್, ಬಂಗಾರಪೇಟೆ ಶಾಸಕ ಎಸ್.ಎನ್. ನಾರಾಯಣಸ್ವಾಮಿ, ಮಾಲೂರು ಶಾಸಕ ಕೆ.ವೈ. ನಂಜೇಗೌಡ, ವಿಧಾನ ಪರಿಷತ್ ಸದಸ್ಯ ಎಂ.ಎಲ್. ಅನಿಲ್ ಕುಮಾರ್, ಜಿಲ್ಲಾಧಿಕಾರಿ ಡಾ. ಎಂ.ಆರ್. ರವಿ, ಜಿಲ್ಲಾ ಪಂಚಾಯತ್ ಮುಖ್ಯ ಕಾರ್ಯನಿರ್ವಾಹಕ ಅಧಿಕಾರಿ ಡಾ. ಪ್ರವೀಣ್ ಪಿ ಬಾಗೇವಾಡಿ ಸೇರಿದಂತೆ ಇಲಾಖೆಯ ಹಿರಿಯ ಅಧಿಕಾರಿಗಳು ಉಪಸ್ಥಿತರಿದ್ದರು.
